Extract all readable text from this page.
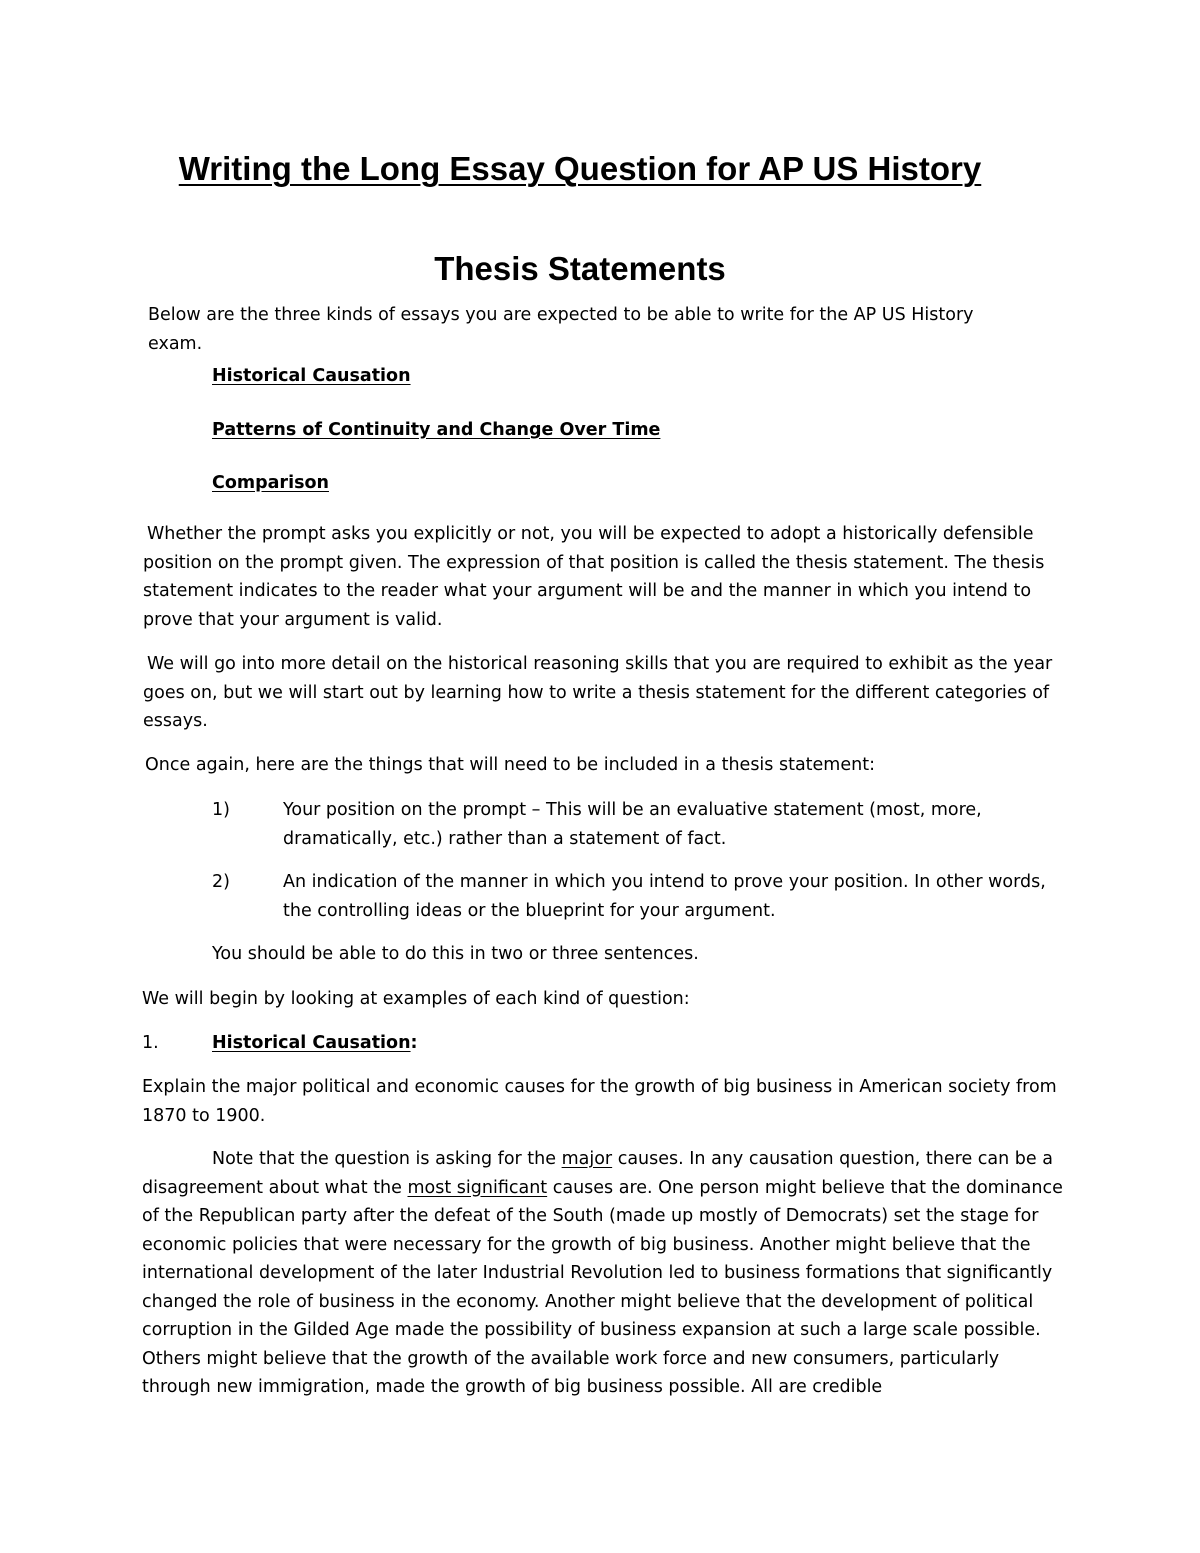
Writing the Long Essay Question for AP US History
Thesis Statements

Below are the three kinds of essays you are expected to be able to write for the AP US History exam.

Historical Causation

Patterns of Continuity and Change Over Time

Comparison

Whether the prompt asks you explicitly or not, you will be expected to adopt a historically defensible position on the prompt given. The expression of that position is called the thesis statement. The thesis statement indicates to the reader what your argument will be and the manner in which you intend to prove that your argument is valid.

We will go into more detail on the historical reasoning skills that you are required to exhibit as the year goes on, but we will start out by learning how to write a thesis statement for the different categories of essays.

Once again, here are the things that will need to be included in a thesis statement:

1)	Your position on the prompt – This will be an evaluative statement (most, more, dramatically, etc.) rather than a statement of fact.

2)	An indication of the manner in which you intend to prove your position. In other words, the controlling ideas or the blueprint for your argument.

You should be able to do this in two or three sentences.

We will begin by looking at examples of each kind of question:

1.	Historical Causation:

Explain the major political and economic causes for the growth of big business in American society from 1870 to 1900.

Note that the question is asking for the major causes. In any causation question, there can be a disagreement about what the most significant causes are. One person might believe that the dominance of the Republican party after the defeat of the South (made up mostly of Democrats) set the stage for economic policies that were necessary for the growth of big business. Another might believe that the international development of the later Industrial Revolution led to business formations that significantly changed the role of business in the economy. Another might believe that the development of political corruption in the Gilded Age made the possibility of business expansion at such a large scale possible. Others might believe that the growth of the available work force and new consumers, particularly through new immigration, made the growth of big business possible. All are credible
